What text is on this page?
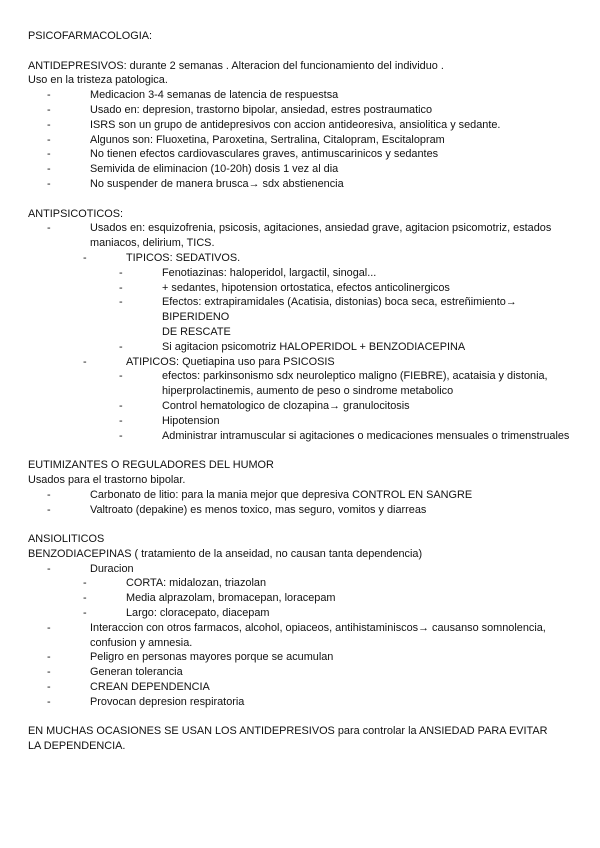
PSICOFARMACOLOGIA:
ANTIDEPRESIVOS: durante 2 semanas . Alteracion del funcionamiento del individuo .
Uso en la tristeza patologica.
-	Medicacion 3-4 semanas de latencia de respuestsa
-	Usado en: depresion, trastorno bipolar, ansiedad, estres postraumatico
-	ISRS son un grupo de antidepresivos con accion antideoresiva, ansiolitica y sedante.
-	Algunos son: Fluoxetina, Paroxetina, Sertralina, Citalopram, Escitalopram
-	No tienen efectos cardiovasculares graves, antimuscarinicos y sedantes
-	Semivida de eliminacion (10-20h) dosis 1 vez al dia
-	No suspender de manera brusca→ sdx abstienencia
ANTIPSICOTICOS:
-	Usados en: esquizofrenia, psicosis, agitaciones, ansiedad grave, agitacion psicomotriz, estados
maniacos, delirium, TICS.
-	TIPICOS: SEDATIVOS.
-	Fenotiazinas: haloperidol, largactil, sinogal...
-	+ sedantes, hipotension ortostatica, efectos anticolinergicos
-	Efectos: extrapiramidales (Acatisia, distonias) boca seca, estreñimiento→ BIPERIDENO
DE RESCATE
-	Si agitacion psicomotriz HALOPERIDOL + BENZODIACEPINA
-	ATIPICOS: Quetiapina uso para PSICOSIS
-	efectos: parkinsonismo sdx neuroleptico maligno (FIEBRE), acataisia y distonia,
hiperprolactinemis, aumento de peso o sindrome metabolico
-	Control hematologico de clozapina→ granulocitosis
-	Hipotension
-	Administrar intramuscular si agitaciones o medicaciones mensuales o trimenstruales
EUTIMIZANTES O REGULADORES DEL HUMOR
Usados para el trastorno bipolar.
-	Carbonato de litio: para la mania mejor que depresiva CONTROL EN SANGRE
-	Valtroato (depakine) es menos toxico, mas seguro, vomitos y diarreas
ANSIOLITICOS
BENZODIACEPINAS ( tratamiento de la anseidad, no causan tanta dependencia)
-	Duracion
-	CORTA: midalozan, triazolan
-	Media alprazolam, bromacepan, loracepam
-	Largo: cloracepato, diacepam
-	Interaccion con otros farmacos, alcohol, opiaceos, antihistaminiscos→ causanso somnolencia,
confusion y amnesia.
-	Peligro en personas mayores porque se acumulan
-	Generan tolerancia
-	CREAN DEPENDENCIA
-	Provocan depresion respiratoria
EN MUCHAS OCASIONES SE USAN LOS ANTIDEPRESIVOS para controlar la ANSIEDAD PARA EVITAR
LA DEPENDENCIA.
